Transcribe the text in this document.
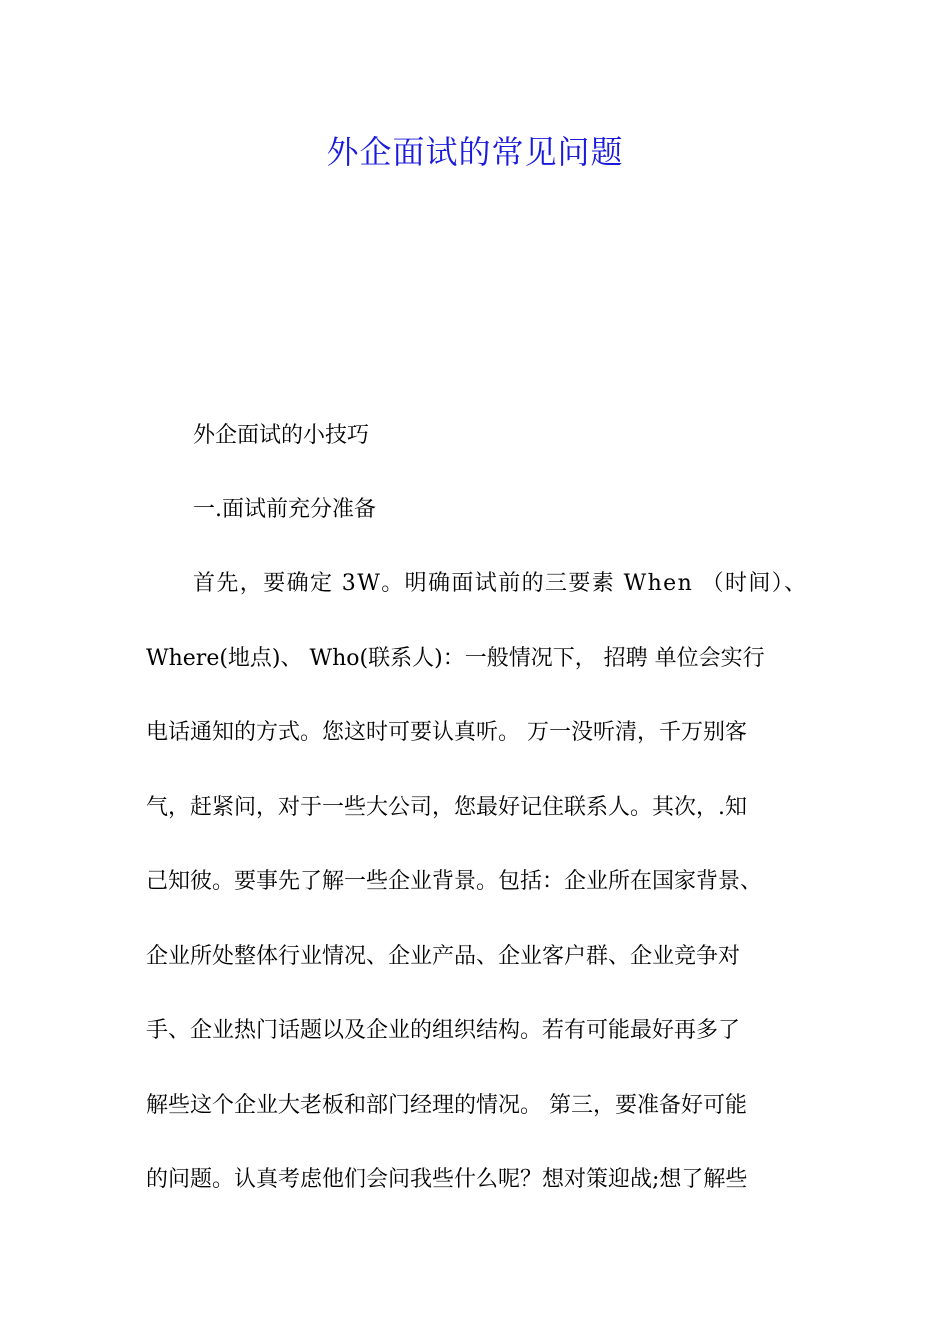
外企面试的常见问题
外企面试的小技巧
一.面试前充分准备
首先，要确定 3W。明确面试前的三要素 When （时间）、
Where(地点)、 Who(联系人)：一般情况下， 招聘 单位会实行
电话通知的方式。您这时可要认真听。 万一没听清，千万别客
气，赶紧问，对于一些大公司，您最好记住联系人。其次，.知
己知彼。要事先了解一些企业背景。包括：企业所在国家背景、
企业所处整体行业情况、企业产品、企业客户群、企业竞争对
手、企业热门话题以及企业的组织结构。若有可能最好再多了
解些这个企业大老板和部门经理的情况。 第三，要准备好可能
的问题。认真考虑他们会问我些什么呢？想对策迎战;想了解些
